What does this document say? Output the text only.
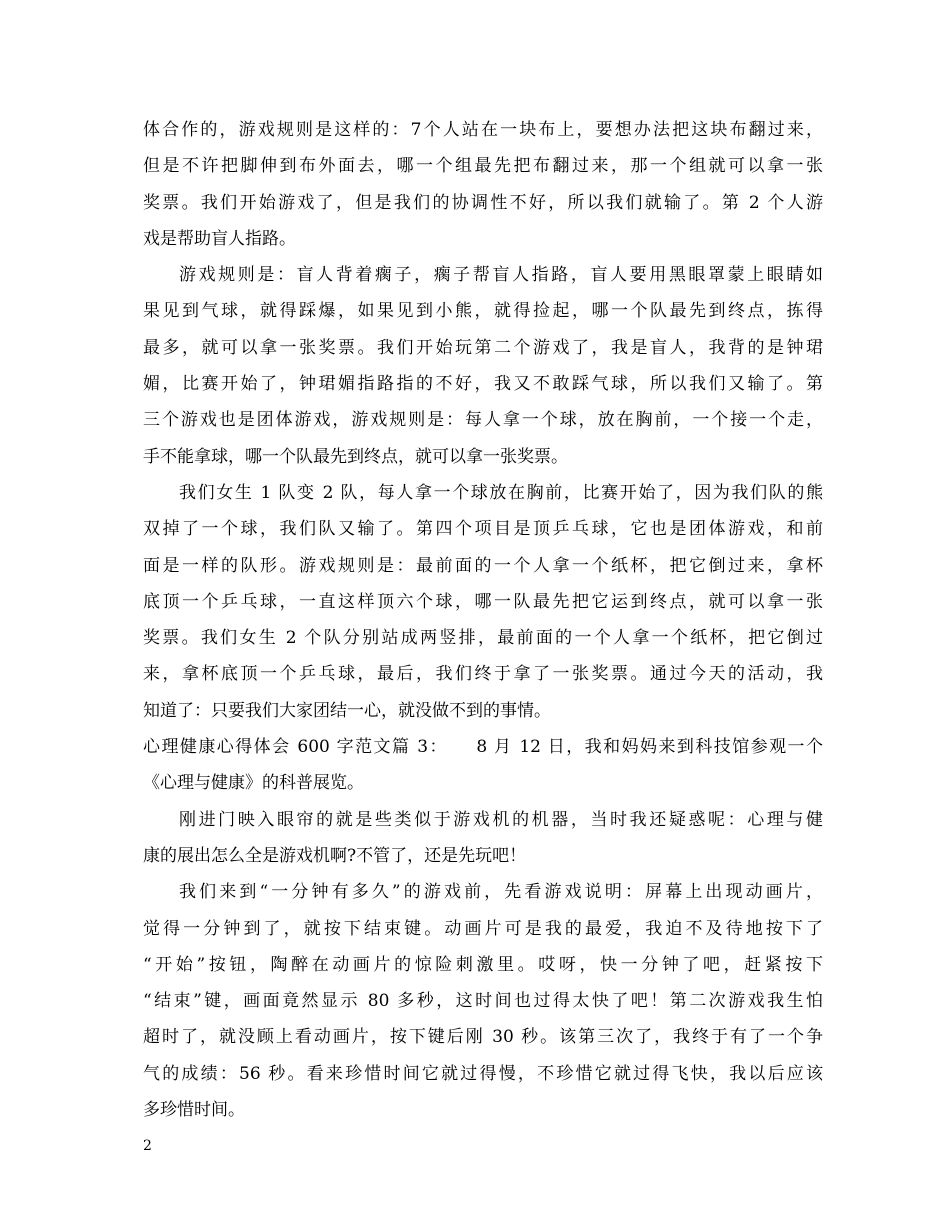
体合作的，游戏规则是这样的：7个人站在一块布上，要想办法把这块布翻过来，
但是不许把脚伸到布外面去，哪一个组最先把布翻过来，那一个组就可以拿一张
奖票。我们开始游戏了，但是我们的协调性不好，所以我们就输了。第 2 个人游
戏是帮助盲人指路。
游戏规则是：盲人背着瘸子，瘸子帮盲人指路，盲人要用黑眼罩蒙上眼睛如
果见到气球，就得踩爆，如果见到小熊，就得捡起，哪一个队最先到终点，拣得
最多，就可以拿一张奖票。我们开始玩第二个游戏了，我是盲人，我背的是钟珺
媚，比赛开始了，钟珺媚指路指的不好，我又不敢踩气球，所以我们又输了。第
三个游戏也是团体游戏，游戏规则是：每人拿一个球，放在胸前，一个接一个走，
手不能拿球，哪一个队最先到终点，就可以拿一张奖票。
我们女生 1 队变 2 队，每人拿一个球放在胸前，比赛开始了，因为我们队的熊
双掉了一个球，我们队又输了。第四个项目是顶乒乓球，它也是团体游戏，和前
面是一样的队形。游戏规则是：最前面的一个人拿一个纸杯，把它倒过来，拿杯
底顶一个乒乓球，一直这样顶六个球，哪一队最先把它运到终点，就可以拿一张
奖票。我们女生 2 个队分别站成两竖排，最前面的一个人拿一个纸杯，把它倒过
来，拿杯底顶一个乒乓球，最后，我们终于拿了一张奖票。通过今天的活动，我
知道了：只要我们大家团结一心，就没做不到的事情。
心理健康心得体会 600 字范文篇 3：　　8 月 12 日，我和妈妈来到科技馆参观一个
《心理与健康》的科普展览。
刚进门映入眼帘的就是些类似于游戏机的机器，当时我还疑惑呢：心理与健
康的展出怎么全是游戏机啊?不管了，还是先玩吧！
我们来到“一分钟有多久”的游戏前，先看游戏说明：屏幕上出现动画片，
觉得一分钟到了，就按下结束键。动画片可是我的最爱，我迫不及待地按下了
“开始”按钮，陶醉在动画片的惊险刺激里。哎呀，快一分钟了吧，赶紧按下
“结束”键，画面竟然显示 80 多秒，这时间也过得太快了吧！第二次游戏我生怕
超时了，就没顾上看动画片，按下键后刚 30 秒。该第三次了，我终于有了一个争
气的成绩：56 秒。看来珍惜时间它就过得慢，不珍惜它就过得飞快，我以后应该
多珍惜时间。
2
